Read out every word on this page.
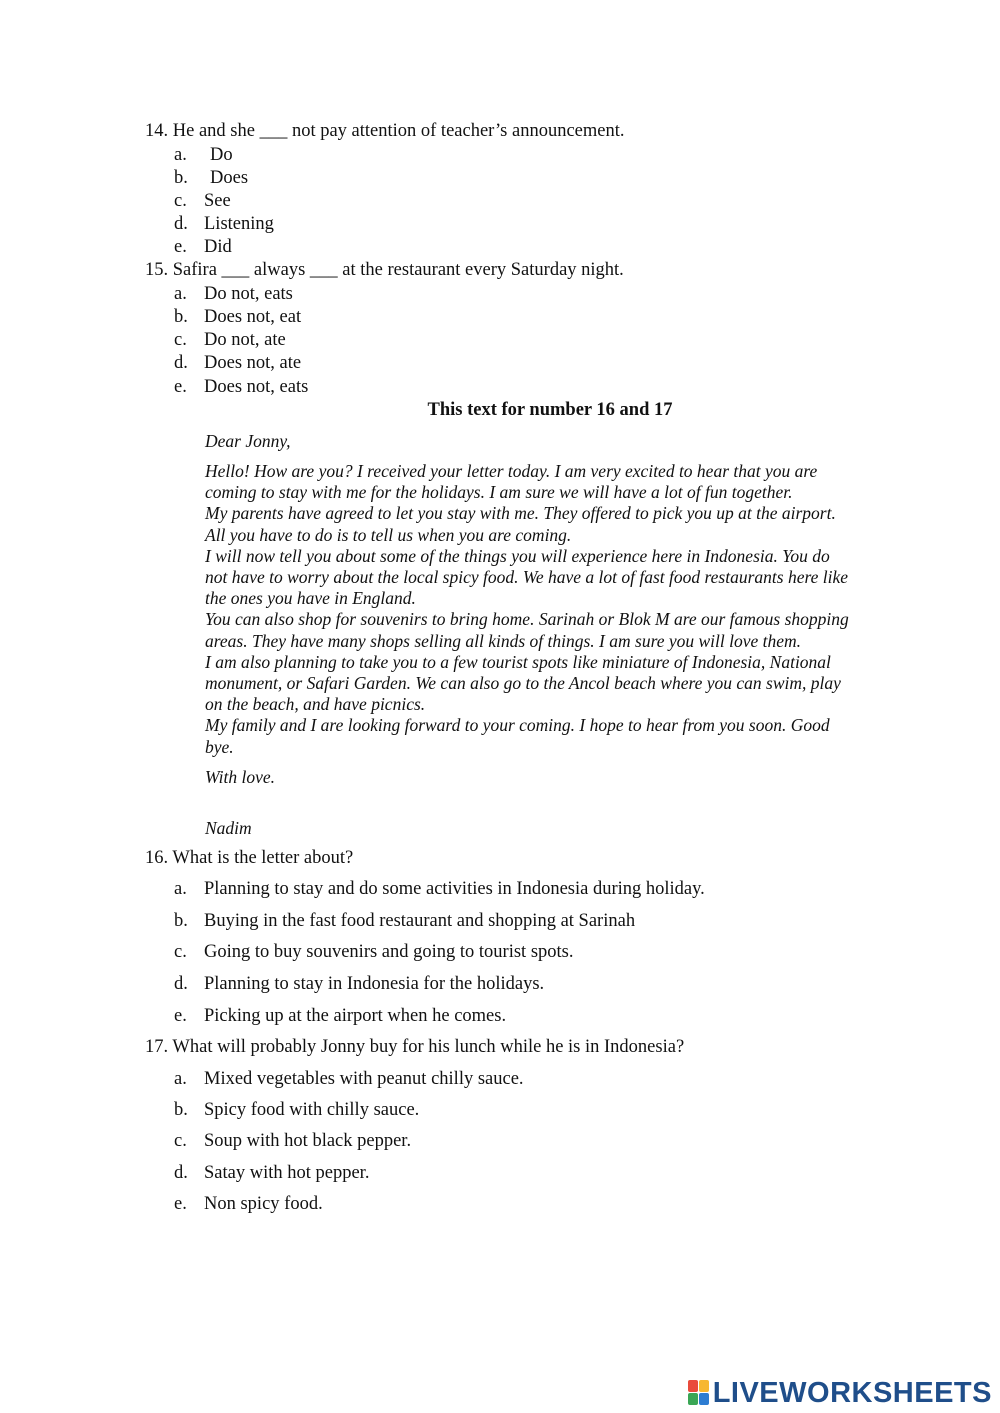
14. He and she ___ not pay attention of teacher’s announcement.
a. Do
b. Does
c. See
d. Listening
e. Did
15. Safira ___ always ___ at the restaurant every Saturday night.
a. Do not, eats
b. Does not, eat
c. Do not, ate
d. Does not, ate
e. Does not, eats
This text for number 16 and 17
Dear Jonny,

Hello! How are you? I received your letter today. I am very excited to hear that you are

coming to stay with me for the holidays. I am sure we will have a lot of fun together.

My parents have agreed to let you stay with me. They offered to pick you up at the airport.

All you have to do is to tell us when you are coming.

I will now tell you about some of the things you will experience here in Indonesia. You do

not have to worry about the local spicy food. We have a lot of fast food restaurants here like

the ones you have in England.

You can also shop for souvenirs to bring home. Sarinah or Blok M are our famous shopping

areas. They have many shops selling all kinds of things. I am sure you will love them.

I am also planning to take you to a few tourist spots like miniature of Indonesia, National

monument, or Safari Garden. We can also go to the Ancol beach where you can swim, play

on the beach, and have picnics.

My family and I are looking forward to your coming. I hope to hear from you soon. Good

bye.

With love.
Nadim
16. What is the letter about?
a. Planning to stay and do some activities in Indonesia during holiday.
b. Buying in the fast food restaurant and shopping at Sarinah
c. Going to buy souvenirs and going to tourist spots.
d. Planning to stay in Indonesia for the holidays.
e. Picking up at the airport when he comes.
17. What will probably Jonny buy for his lunch while he is in Indonesia?
a. Mixed vegetables with peanut chilly sauce.
b. Spicy food with chilly sauce.
c. Soup with hot black pepper.
d. Satay with hot pepper.
e. Non spicy food.
LIVEWORKSHEETS
